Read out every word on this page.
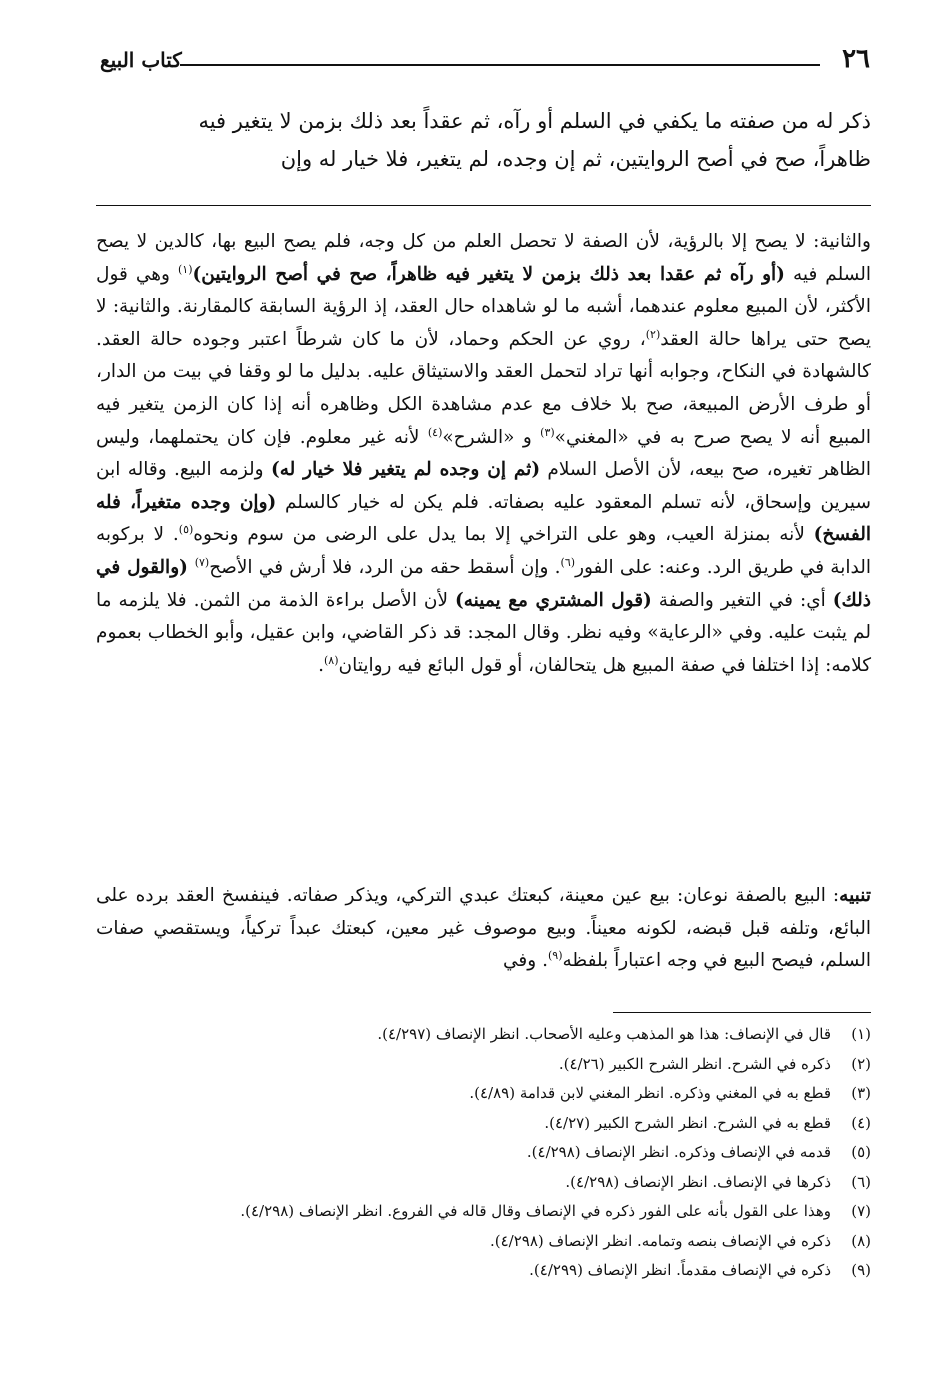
٢٦
كتاب البيع

ذكر له من صفته ما يكفي في السلم أو رآه، ثم عقداً بعد ذلك بزمن لا يتغير فيه

ظاهراً، صح في أصح الروايتين، ثم إن وجده، لم يتغير، فلا خيار له وإن

والثانية: لا يصح إلا بالرؤية، لأن الصفة لا تحصل العلم من كل وجه، فلم يصح البيع بها، كالدين لا يصح السلم فيه (أو رآه ثم عقدا بعد ذلك بزمن لا يتغير فيه ظاهراً، صح في أصح الروايتين)$^{(١)}$ وهي قول الأكثر، لأن المبيع معلوم عندهما، أشبه ما لو شاهداه حال العقد، إذ الرؤية السابقة كالمقارنة. والثانية: لا يصح حتى يراها حالة العقد$^{(٢)}$، روي عن الحكم وحماد، لأن ما كان شرطاً اعتبر وجوده حالة العقد. كالشهادة في النكاح، وجوابه أنها تراد لتحمل العقد والاستيثاق عليه. بدليل ما لو وقفا في بيت من الدار، أو طرف الأرض المبيعة، صح بلا خلاف مع عدم مشاهدة الكل وظاهره أنه إذا كان الزمن يتغير فيه المبيع أنه لا يصح صرح به في «المغني»$^{(٣)}$ و «الشرح»$^{(٤)}$ لأنه غير معلوم. فإن كان يحتملهما، وليس الظاهر تغيره، صح بيعه، لأن الأصل السلام (ثم إن وجده لم يتغير فلا خيار له) ولزمه البيع. وقاله ابن سيرين وإسحاق، لأنه تسلم المعقود عليه بصفاته. فلم يكن له خيار كالسلم (وإن وجده متغيراً، فله الفسخ) لأنه بمنزلة العيب، وهو على التراخي إلا بما يدل على الرضى من سوم ونحوه$^{(٥)}$. لا بركوبه الدابة في طريق الرد. وعنه: على الفور$^{(٦)}$. وإن أسقط حقه من الرد، فلا أرش في الأصح$^{(٧)}$ (والقول في ذلك) أي: في التغير والصفة (قول المشتري مع يمينه) لأن الأصل براءة الذمة من الثمن. فلا يلزمه ما لم يثبت عليه. وفي «الرعاية» وفيه نظر. وقال المجد: قد ذكر القاضي، وابن عقيل، وأبو الخطاب بعموم كلامه: إذا اختلفا في صفة المبيع هل يتحالفان، أو قول البائع فيه روايتان$^{(٨)}$.

تنبيه: البيع بالصفة نوعان: بيع عين معينة، كبعتك عبدي التركي، ويذكر صفاته. فينفسخ العقد برده على البائع، وتلفه قبل قبضه، لكونه معيناً. وبيع موصوف غير معين، كبعتك عبداً تركياً، ويستقصي صفات السلم، فيصح البيع في وجه اعتباراً بلفظه$^{(٩)}$. وفي

(١)
قال في الإنصاف: هذا هو المذهب وعليه الأصحاب. انظر الإنصاف (٤/٢٩٧).
(٢)
ذكره في الشرح. انظر الشرح الكبير (٤/٢٦).
(٣)
قطع به في المغني وذكره. انظر المغني لابن قدامة (٤/٨٩).
(٤)
قطع به في الشرح. انظر الشرح الكبير (٤/٢٧).
(٥)
قدمه في الإنصاف وذكره. انظر الإنصاف (٤/٢٩٨).
(٦)
ذكرها في الإنصاف. انظر الإنصاف (٤/٢٩٨).
(٧)
وهذا على القول بأنه على الفور ذكره في الإنصاف وقال قاله في الفروع. انظر الإنصاف (٤/٢٩٨).
(٨)
ذكره في الإنصاف بنصه وتمامه. انظر الإنصاف (٤/٢٩٨).
(٩)
ذكره في الإنصاف مقدماً. انظر الإنصاف (٤/٢٩٩).
